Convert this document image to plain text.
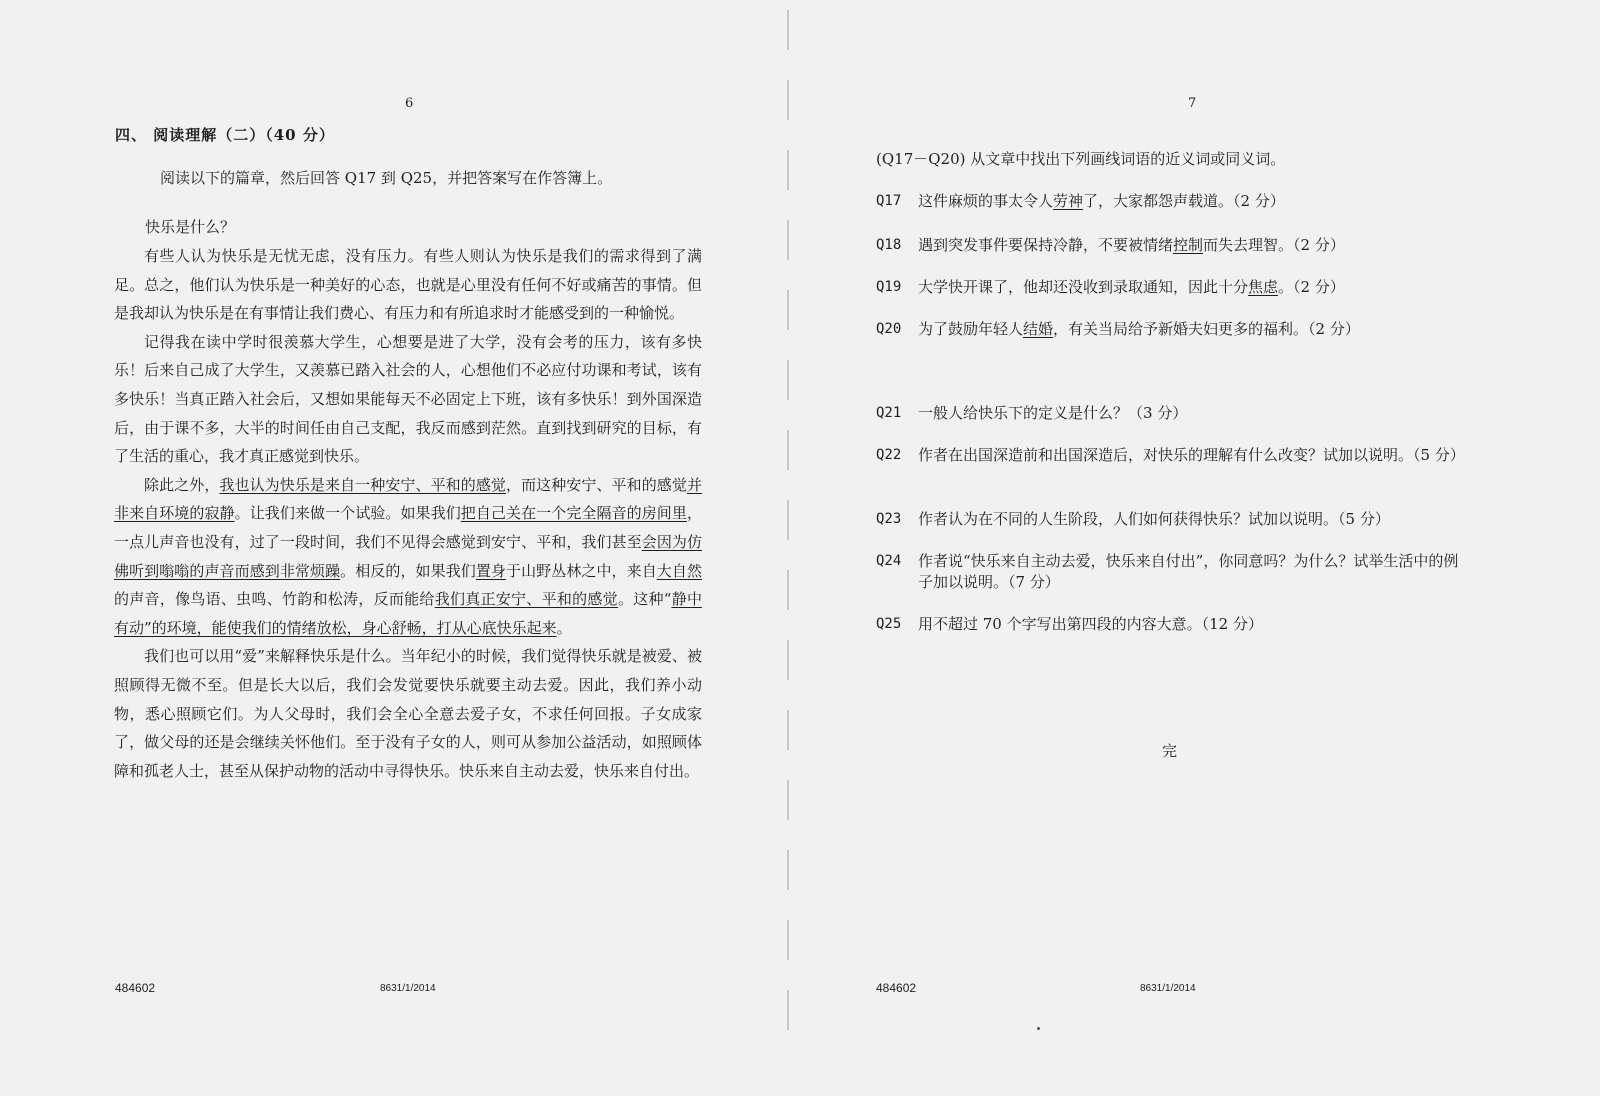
6
四、 阅读理解（二）（40 分）
阅读以下的篇章，然后回答 Q17 到 Q25，并把答案写在作答簿上。
快乐是什么？

有些人认为快乐是无忧无虑，没有压力。有些人则认为快乐是我们的需求得到了满足。总之，他们认为快乐是一种美好的心态，也就是心里没有任何不好或痛苦的事情。但是我却认为快乐是在有事情让我们费心、有压力和有所追求时才能感受到的一种愉悦。

记得我在读中学时很羡慕大学生，心想要是进了大学，没有会考的压力，该有多快乐！后来自己成了大学生，又羡慕已踏入社会的人，心想他们不必应付功课和考试，该有多快乐！当真正踏入社会后，又想如果能每天不必固定上下班，该有多快乐！到外国深造后，由于课不多，大半的时间任由自己支配，我反而感到茫然。直到找到研究的目标，有了生活的重心，我才真正感觉到快乐。

除此之外，我也认为快乐是来自一种安宁、平和的感觉，而这种安宁、平和的感觉并非来自环境的寂静。让我们来做一个试验。如果我们把自己关在一个完全隔音的房间里，一点儿声音也没有，过了一段时间，我们不见得会感觉到安宁、平和，我们甚至会因为仿佛听到嗡嗡的声音而感到非常烦躁。相反的，如果我们置身于山野丛林之中，来自大自然的声音，像鸟语、虫鸣、竹韵和松涛，反而能给我们真正安宁、平和的感觉。这种“静中有动”的环境，能使我们的情绪放松，身心舒畅，打从心底快乐起来。

我们也可以用“爱”来解释快乐是什么。当年纪小的时候，我们觉得快乐就是被爱、被照顾得无微不至。但是长大以后，我们会发觉要快乐就要主动去爱。因此，我们养小动物，悉心照顾它们。为人父母时，我们会全心全意去爱子女，不求任何回报。子女成家了，做父母的还是会继续关怀他们。至于没有子女的人，则可从参加公益活动，如照顾体障和孤老人士，甚至从保护动物的活动中寻得快乐。快乐来自主动去爱，快乐来自付出。

484602	8631/1/2014
7
(Q17－Q20) 从文章中找出下列画线词语的近义词或同义词。
Q17 这件麻烦的事太令人劳神了，大家都怨声载道。（2 分）
Q18 遇到突发事件要保持冷静，不要被情绪控制而失去理智。（2 分）
Q19 大学快开课了，他却还没收到录取通知，因此十分焦虑。（2 分）
Q20 为了鼓励年轻人结婚，有关当局给予新婚夫妇更多的福利。（2 分）
Q21 一般人给快乐下的定义是什么？（3 分）
Q22 作者在出国深造前和出国深造后，对快乐的理解有什么改变？试加以说明。（5 分）
Q23 作者认为在不同的人生阶段，人们如何获得快乐？试加以说明。（5 分）
Q24 作者说“快乐来自主动去爱，快乐来自付出”，你同意吗？为什么？试举生活中的例子加以说明。（7 分）
Q25 用不超过 70 个字写出第四段的内容大意。（12 分）
完
484602	8631/1/2014
